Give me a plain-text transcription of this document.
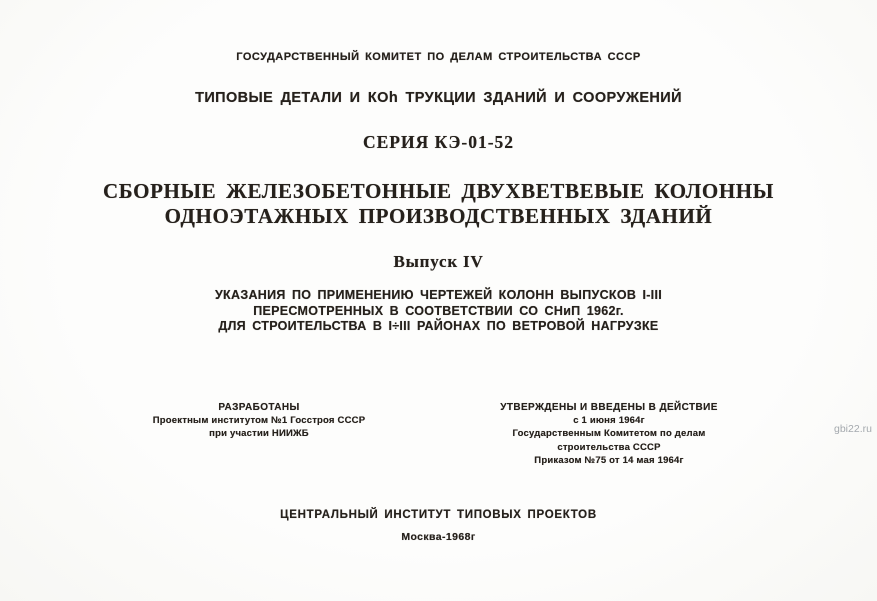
ГОСУДАРСТВЕННЫЙ КОМИТЕТ ПО ДЕЛАМ СТРОИТЕЛЬСТВА СССР
ТИПОВЫЕ ДЕТАЛИ И КОh ТРУКЦИИ ЗДАНИЙ И СООРУЖЕНИЙ
СЕРИЯ КЭ-01-52
СБОРНЫЕ ЖЕЛЕЗОБЕТОННЫЕ ДВУХВЕТВЕВЫЕ КОЛОННЫ
ОДНОЭТАЖНЫХ ПРОИЗВОДСТВЕННЫХ ЗДАНИЙ
Выпуск IV
УКАЗАНИЯ ПО ПРИМЕНЕНИЮ ЧЕРТЕЖЕЙ КОЛОНН ВЫПУСКОВ I-III
ПЕРЕСМОТРЕННЫХ В СООТВЕТСТВИИ СО СНиП 1962г.
ДЛЯ СТРОИТЕЛЬСТВА В I÷III РАЙОНАХ ПО ВЕТРОВОЙ НАГРУЗКЕ
РАЗРАБОТАНЫ
Проектным институтом №1 Госстроя СССР
при участии НИИЖБ
УТВЕРЖДЕНЫ И ВВЕДЕНЫ В ДЕЙСТВИЕ
с 1 июня 1964г
Государственным Комитетом по делам
строительства СССР
Приказом №75 от 14 мая 1964г
ЦЕНТРАЛЬНЫЙ ИНСТИТУТ ТИПОВЫХ ПРОЕКТОВ
Москва-1968г
gbi22.ru
